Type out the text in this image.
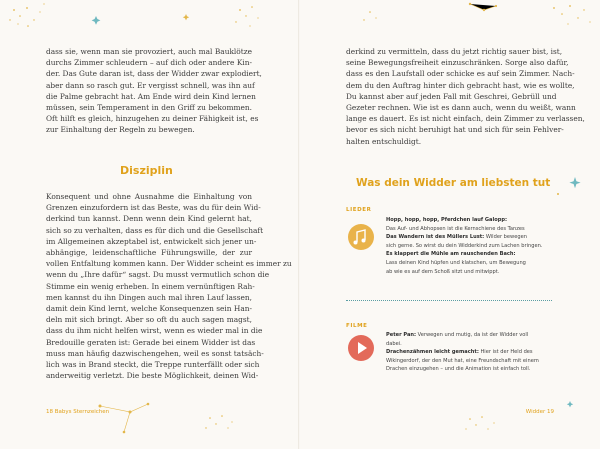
dass sie, wenn man sie provoziert, auch mal Bauklötze
durchs Zimmer schleudern – auf dich oder andere Kin-
der. Das Gute daran ist, dass der Widder zwar explodiert,
aber dann so rasch gut. Er vergisst schnell, was ihn auf
die Palme gebracht hat. Am Ende wird dein Kind lernen
müssen, sein Temperament in den Griff zu bekommen.
Oft hilft es gleich, hinzugehen zu deiner Fähigkeit ist, es
zur Einhaltung der Regeln zu bewegen.
Disziplin
Konsequent und ohne Ausnahme die Einhaltung von
Grenzen einzufordern ist das Beste, was du für dein Wid-
derkind tun kannst. Denn wenn dein Kind gelernt hat,
sich so zu verhalten, dass es für dich und die Gesellschaft
im Allgemeinen akzeptabel ist, entwickelt sich jener un-
abhängige, leidenschaftliche Führungswille, der zur
vollen Entfaltung kommen kann. Der Widder scheint es immer zu
wenn du „Ihre dafür“ sagst. Du musst vermutlich schon die
Stimme ein wenig erheben. In einem vernünftigen Rah-
men kannst du ihn Dingen auch mal ihren Lauf lassen,
damit dein Kind lernt, welche Konsequenzen sein Han-
deln mit sich bringt. Aber so oft du auch sagen magst,
dass du ihm nicht helfen wirst, wenn es wieder mal in die
Bredouille geraten ist: Gerade bei einem Widder ist das
muss man häufig dazwischengehen, weil es sonst tatsäch-
lich was in Brand steckt, die Treppe runterfällt oder sich
anderweitig verletzt. Die beste Möglichkeit, deinen Wid-
18 Babys Sternzeichen
derkind zu vermitteln, dass du jetzt richtig sauer bist, ist,
seine Bewegungsfreiheit einzuschränken. Sorge also dafür,
dass es den Laufstall oder schicke es auf sein Zimmer. Nach-
dem du den Auftrag hinter dich gebracht hast, wie es wollte,
Du kannst aber auf jeden Fall mit Geschrei, Gebrüll und
Gezeter rechnen. Wie ist es dann auch, wenn du weißt, wann
lange es dauert. Es ist nicht einfach, dein Zimmer zu verlassen,
bevor es sich nicht beruhigt hat und sich für sein Fehlver-
halten entschuldigt.
Was dein Widder am liebsten tut
LIEDER
Hopp, hopp, hopp, Pferdchen lauf Galopp:
Das Auf- und Abhopsen ist die Kernschiene des Tanzes
Das Wandern ist des Müllers Lust: Wilder bewegen
sich gerne. So wirst du dein Widderkind zum Lachen bringen.
Es klappert die Mühle am rauschenden Bach:
Lass deinen Kind hüpfen und klatschen, um Bewegung
ab wie es auf dem Schoß sitzt und mitwippt.
FILME
Peter Pan: Verwegen und mutig, da ist der Widder voll
dabei.
Drachenzähmen leicht gemacht: Hier ist der Held des
Wikingerdorf, der den Mut hat, eine Freundschaft mit einem
Drachen einzugehen – und die Animation ist einfach toll.
Widder 19
